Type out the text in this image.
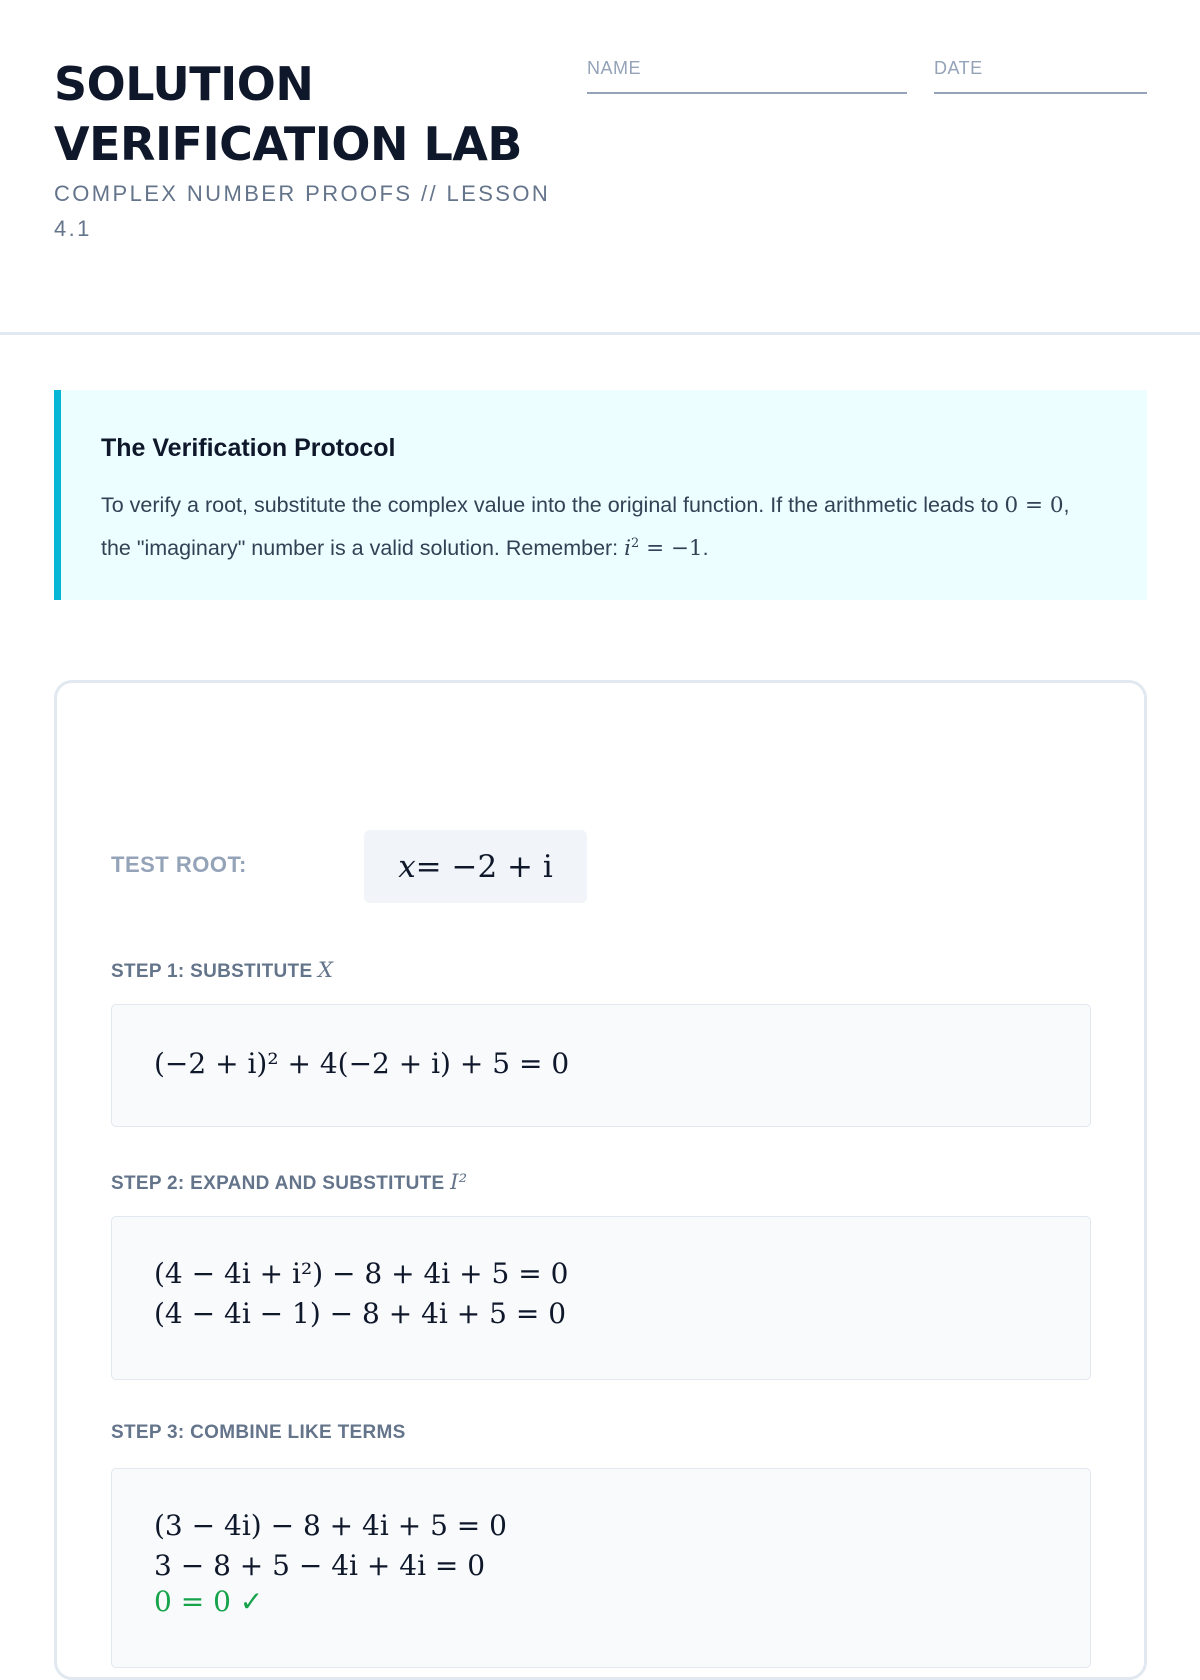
SOLUTION VERIFICATION LAB
COMPLEX NUMBER PROOFS // LESSON 4.1
NAME	DATE
The Verification Protocol
To verify a root, substitute the complex value into the original function. If the arithmetic leads to 0 = 0, the "imaginary" number is a valid solution. Remember: $i^2 = -1$.
TEST ROOT:	x = −2 + i
STEP 1: SUBSTITUTE X
(−2 + i)² + 4(−2 + i) + 5 = 0
STEP 2: EXPAND AND SUBSTITUTE I²
(4 − 4i + i²) − 8 + 4i + 5 = 0
(4 − 4i − 1) − 8 + 4i + 5 = 0
STEP 3: COMBINE LIKE TERMS
(3 − 4i) − 8 + 4i + 5 = 0
3 − 8 + 5 − 4i + 4i = 0
0 = 0 ✓
